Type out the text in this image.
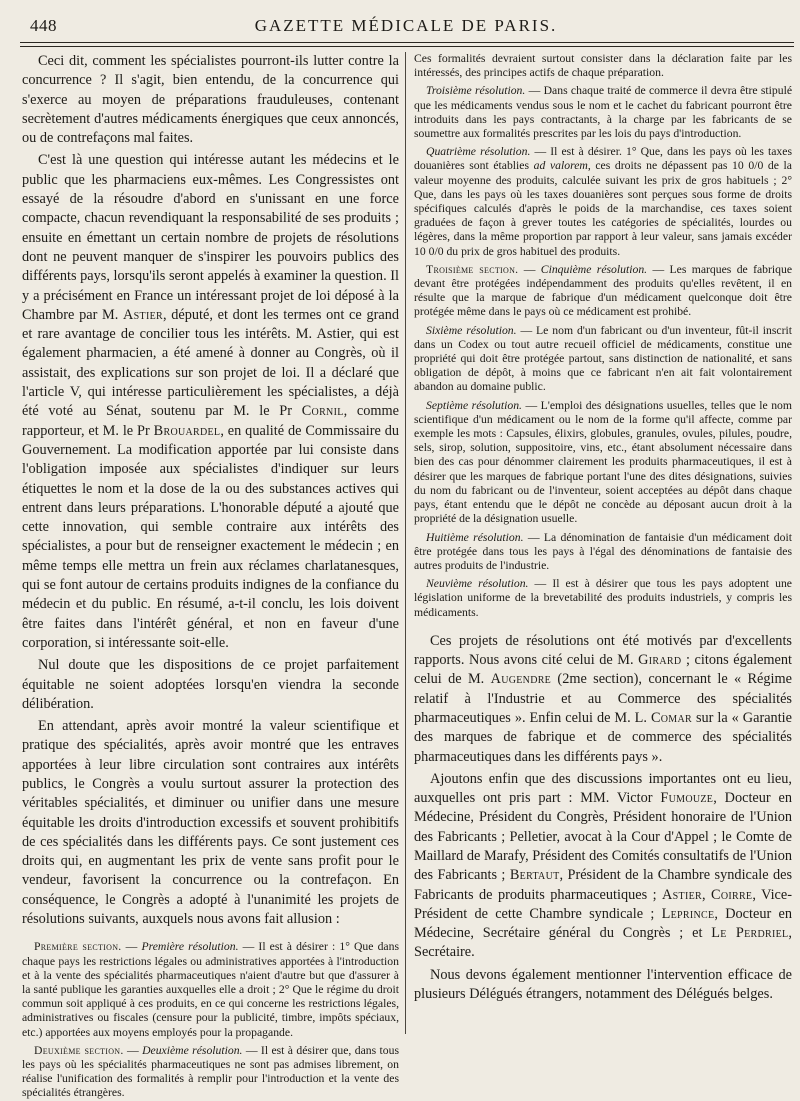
448	GAZETTE MÉDICALE DE PARIS.

Ceci dit, comment les spécialistes pourront-ils lutter contre la concurrence ? Il s'agit, bien entendu, de la concurrence qui s'exerce au moyen de préparations frauduleuses, contenant secrètement d'autres médicaments énergiques que ceux annoncés, ou de contrefaçons mal faites.

C'est là une question qui intéresse autant les médecins et le public que les pharmaciens eux-mêmes. Les Congressistes ont essayé de la résoudre d'abord en s'unissant en une force compacte, chacun revendiquant la responsabilité de ses produits ; ensuite en émettant un certain nombre de projets de résolutions dont ne peuvent manquer de s'inspirer les pouvoirs publics des différents pays, lorsqu'ils seront appelés à examiner la question. Il y a précisément en France un intéressant projet de loi déposé à la Chambre par M. Astier, député, et dont les termes ont ce grand et rare avantage de concilier tous les intérêts. M. Astier, qui est également pharmacien, a été amené à donner au Congrès, où il assistait, des explications sur son projet de loi. Il a déclaré que l'article V, qui intéresse particulièrement les spécialistes, a déjà été voté au Sénat, soutenu par M. le Pr Cornil, comme rapporteur, et M. le Pr Brouardel, en qualité de Commissaire du Gouvernement. La modification apportée par lui consiste dans l'obligation imposée aux spécialistes d'indiquer sur leurs étiquettes le nom et la dose de la ou des substances actives qui entrent dans leurs préparations. L'honorable député a ajouté que cette innovation, qui semble contraire aux intérêts des spécialistes, a pour but de renseigner exactement le médecin ; en même temps elle mettra un frein aux réclames charlatanesques, qui se font autour de certains produits indignes de la confiance du médecin et du public. En résumé, a-t-il conclu, les lois doivent être faites dans l'intérêt général, et non en faveur d'une corporation, si intéressante soit-elle.

Nul doute que les dispositions de ce projet parfaitement équitable ne soient adoptées lorsqu'en viendra la seconde délibération.

En attendant, après avoir montré la valeur scientifique et pratique des spécialités, après avoir montré que les entraves apportées à leur libre circulation sont contraires aux intérêts publics, le Congrès a voulu surtout assurer la protection des véritables spécialités, et diminuer ou unifier dans une mesure équitable les droits d'introduction excessifs et souvent prohibitifs de ces spécialités dans les différents pays. Ce sont justement ces droits qui, en augmentant les prix de vente sans profit pour le vendeur, favorisent la concurrence ou la contrefaçon. En conséquence, le Congrès a adopté à l'unanimité les projets de résolutions suivants, auxquels nous avons fait allusion :

Première section. — Première résolution. — Il est à désirer : 1° Que dans chaque pays les restrictions légales ou administratives apportées à l'introduction et à la vente des spécialités pharmaceutiques n'aient d'autre but que d'assurer à la santé publique les garanties auxquelles elle a droit ; 2° Que le régime du droit commun soit appliqué à ces produits, en ce qui concerne les restrictions légales, administratives ou fiscales (censure pour la publicité, timbre, impôts spéciaux, etc.) apportées aux moyens employés pour la propagande.

Deuxième section. — Deuxième résolution. — Il est à désirer que, dans tous les pays où les spécialités pharmaceutiques ne sont pas admises librement, on réalise l'unification des formalités à remplir pour l'introduction et la vente des spécialités étrangères.

Ces formalités devraient surtout consister dans la déclaration faite par les intéressés, des principes actifs de chaque préparation.

Troisième résolution. — Dans chaque traité de commerce il devra être stipulé que les médicaments vendus sous le nom et le cachet du fabricant pourront être introduits dans les pays contractants, à la charge par les fabricants de se soumettre aux formalités prescrites par les lois du pays d'introduction.

Quatrième résolution. — Il est à désirer. 1° Que, dans les pays où les taxes douanières sont établies ad valorem, ces droits ne dépassent pas 10 0/0 de la valeur moyenne des produits, calculée suivant les prix de gros habituels ; 2° Que, dans les pays où les taxes douanières sont perçues sous forme de droits spécifiques calculés d'après le poids de la marchandise, ces taxes soient graduées de façon à grever toutes les catégories de spécialités, lourdes ou légères, dans la même proportion par rapport à leur valeur, sans jamais excéder 10 0/0 du prix de gros habituel des produits.

Troisième section. — Cinquième résolution. — Les marques de fabrique devant être protégées indépendamment des produits qu'elles revêtent, il en résulte que la marque de fabrique d'un médicament quelconque doit être protégée même dans le pays où ce médicament est prohibé.

Sixième résolution. — Le nom d'un fabricant ou d'un inventeur, fût-il inscrit dans un Codex ou tout autre recueil officiel de médicaments, constitue une propriété qui doit être protégée partout, sans distinction de nationalité, et sans obligation de dépôt, à moins que ce fabricant n'en ait fait volontairement abandon au domaine public.

Septième résolution. — L'emploi des désignations usuelles, telles que le nom scientifique d'un médicament ou le nom de la forme qu'il affecte, comme par exemple les mots : Capsules, élixirs, globules, granules, ovules, pilules, poudre, sels, sirop, solution, suppositoire, vins, etc., étant absolument nécessaire dans bien des cas pour dénommer clairement les produits pharmaceutiques, il est à désirer que les marques de fabrique portant l'une des dites désignations, suivies du nom du fabricant ou de l'inventeur, soient acceptées au dépôt dans chaque pays, étant entendu que le dépôt ne concède au déposant aucun droit à la propriété de la désignation usuelle.

Huitième résolution. — La dénomination de fantaisie d'un médicament doit être protégée dans tous les pays à l'égal des dénominations de fantaisie des autres produits de l'industrie.

Neuvième résolution. — Il est à désirer que tous les pays adoptent une législation uniforme de la brevetabilité des produits industriels, y compris les médicaments.

Ces projets de résolutions ont été motivés par d'excellents rapports. Nous avons cité celui de M. Girard ; citons également celui de M. Augendre (2me section), concernant le « Régime relatif à l'Industrie et au Commerce des spécialités pharmaceutiques ». Enfin celui de M. L. Comar sur la « Garantie des marques de fabrique et de commerce des spécialités pharmaceutiques dans les différents pays ».

Ajoutons enfin que des discussions importantes ont eu lieu, auxquelles ont pris part : MM. Victor Fumouze, Docteur en Médecine, Président du Congrès, Président honoraire de l'Union des Fabricants ; Pelletier, avocat à la Cour d'Appel ; le Comte de Maillard de Marafy, Président des Comités consultatifs de l'Union des Fabricants ; Bertaut, Président de la Chambre syndicale des Fabricants de produits pharmaceutiques ; Astier, Coirre, Vice-Président de cette Chambre syndicale ; Leprince, Docteur en Médecine, Secrétaire général du Congrès ; et Le Perdriel, Secrétaire.

Nous devons également mentionner l'intervention efficace de plusieurs Délégués étrangers, notamment des Délégués belges.
